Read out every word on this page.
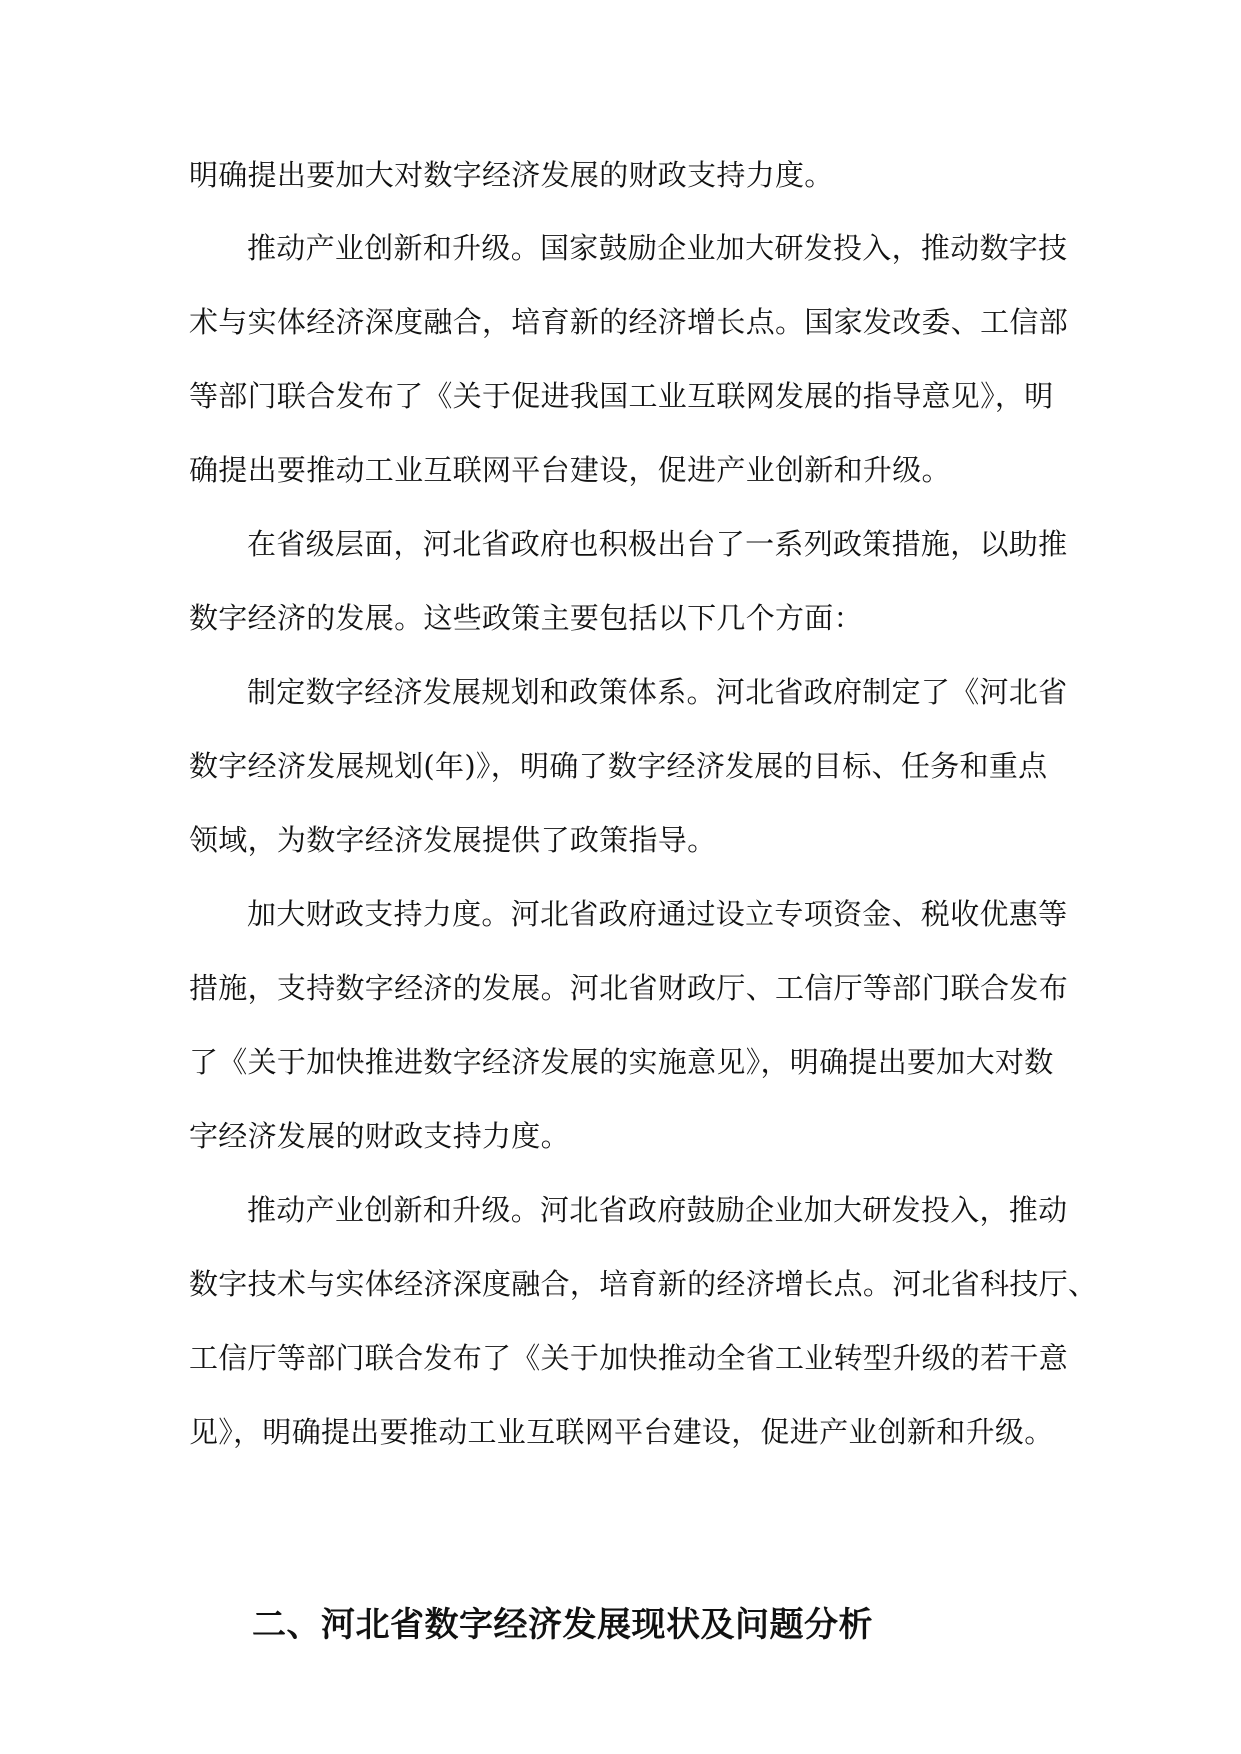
明确提出要加大对数字经济发展的财政支持力度。
推动产业创新和升级。国家鼓励企业加大研发投入，推动数字技
术与实体经济深度融合，培育新的经济增长点。国家发改委、工信部
等部门联合发布了《关于促进我国工业互联网发展的指导意见》，明
确提出要推动工业互联网平台建设，促进产业创新和升级。
在省级层面，河北省政府也积极出台了一系列政策措施，以助推
数字经济的发展。这些政策主要包括以下几个方面：
制定数字经济发展规划和政策体系。河北省政府制定了《河北省
数字经济发展规划(年)》，明确了数字经济发展的目标、任务和重点
领域，为数字经济发展提供了政策指导。
加大财政支持力度。河北省政府通过设立专项资金、税收优惠等
措施，支持数字经济的发展。河北省财政厅、工信厅等部门联合发布
了《关于加快推进数字经济发展的实施意见》，明确提出要加大对数
字经济发展的财政支持力度。
推动产业创新和升级。河北省政府鼓励企业加大研发投入，推动
数字技术与实体经济深度融合，培育新的经济增长点。河北省科技厅、
工信厅等部门联合发布了《关于加快推动全省工业转型升级的若干意
见》，明确提出要推动工业互联网平台建设，促进产业创新和升级。
二、河北省数字经济发展现状及问题分析
